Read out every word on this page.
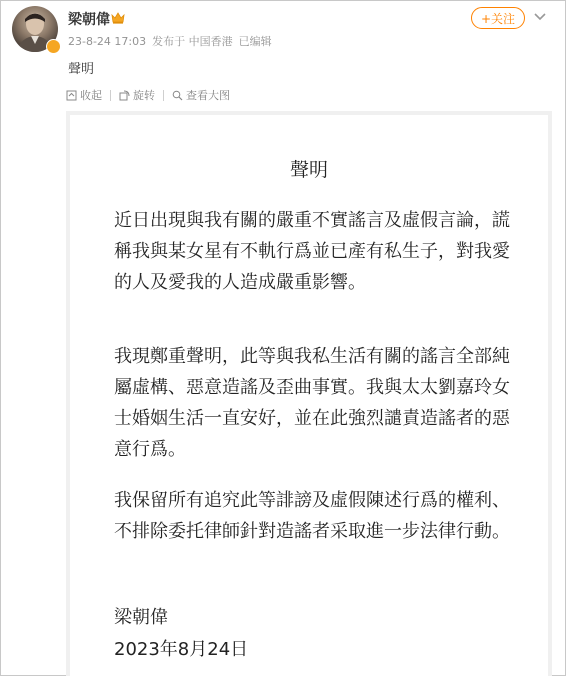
梁朝偉
23-8-24 17:03 发布于 中国香港 已编辑
+关注
聲明
收起	旋转	查看大图
聲明

近日出現與我有關的嚴重不實謠言及虛假言論，謊稱我與某女星有不軌行爲並已產有私生子，對我愛的人及愛我的人造成嚴重影響。

我現鄭重聲明，此等與我私生活有關的謠言全部純屬虛構、惡意造謠及歪曲事實。我與太太劉嘉玲女士婚姻生活一直安好，並在此強烈譴責造謠者的惡意行爲。

我保留所有追究此等誹謗及虛假陳述行爲的權利、不排除委托律師針對造謠者采取進一步法律行動。

梁朝偉
2023年8月24日
